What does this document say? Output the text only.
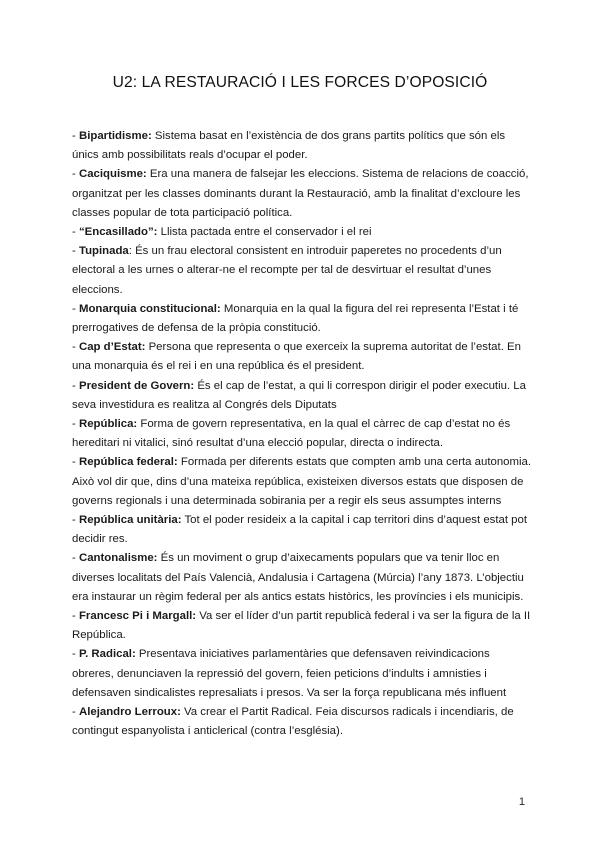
U2: LA RESTAURACIÓ I LES FORCES D’OPOSICIÓ

- Bipartidisme: Sistema basat en l’existència de dos grans partits polítics que són els únics amb possibilitats reals d’ocupar el poder.

- Caciquisme: Era una manera de falsejar les eleccions. Sistema de relacions de coacció, organitzat per les classes dominants durant la Restauració, amb la finalitat d’excloure les classes popular de tota participació política.

- “Encasillado”: Llista pactada entre el conservador i el rei

- Tupinada: És un frau electoral consistent en introduir paperetes no procedents d’un electoral a les urnes o alterar-ne el recompte per tal de desvirtuar el resultat d’unes eleccions.

- Monarquia constitucional: Monarquia en la qual la figura del rei representa l’Estat i té prerrogatives de defensa de la pròpia constitució.

- Cap d’Estat: Persona que representa o que exerceix la suprema autoritat de l’estat. En una monarquia és el rei i en una república és el president.

- President de Govern: És el cap de l’estat, a qui li correspon dirigir el poder executiu. La seva investidura es realitza al Congrés dels Diputats

- República: Forma de govern representativa, en la qual el càrrec de cap d’estat no és hereditari ni vitalici, sinó resultat d’una elecció popular, directa o indirecta.

- República federal: Formada per diferents estats que compten amb una certa autonomia. Això vol dir que, dins d’una mateixa república, existeixen diversos estats que disposen de governs regionals i una determinada sobirania per a regir els seus assumptes interns

- República unitària: Tot el poder resideix a la capital i cap territori dins d’aquest estat pot decidir res.

- Cantonalisme: És un moviment o grup d’aixecaments populars que va tenir lloc en diverses localitats del País Valencià, Andalusia i Cartagena (Múrcia) l’any 1873. L’objectiu era instaurar un règim federal per als antics estats històrics, les províncies i els municipis.

- Francesc Pi i Margall: Va ser el líder d’un partit republicà federal i va ser la figura de la II República.

- P. Radical: Presentava iniciatives parlamentàries que defensaven reivindicacions obreres, denunciaven la repressió del govern, feien peticions d’indults i amnisties i defensaven sindicalistes represaliats i presos. Va ser la força republicana més influent

- Alejandro Lerroux: Va crear el Partit Radical. Feia discursos radicals i incendiaris, de contingut espanyolista i anticlerical (contra l’església).

1
